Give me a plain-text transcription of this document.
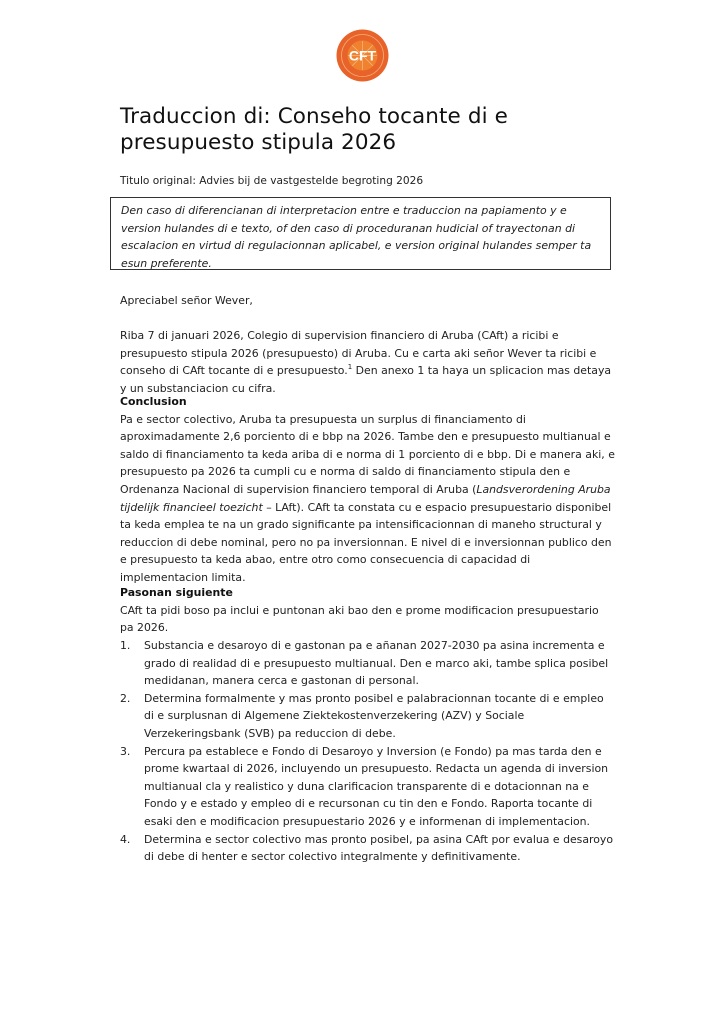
CFT
Traduccion di: Conseho tocante di e
presupuesto stipula 2026
Titulo original: Advies bij de vastgestelde begroting 2026
Den caso di diferencianan di interpretacion entre e traduccion na papiamento y e version hulandes di e texto, of den caso di proceduranan hudicial of trayectonan di escalacion en virtud di regulacionnan aplicabel, e version original hulandes semper ta esun preferente.

Apreciabel señor Wever,

Riba 7 di januari 2026, Colegio di supervision financiero di Aruba (CAft) a ricibi e presupuesto stipula 2026 (presupuesto) di Aruba. Cu e carta aki señor Wever ta ricibi e conseho di CAft tocante di e presupuesto.$^1$ Den anexo 1 ta haya un splicacion mas detaya y un substanciacion cu cifra.

Conclusion
Pa e sector colectivo, Aruba ta presupuesta un surplus di financiamento di aproximadamente 2,6 porciento di e bbp na 2026. Tambe den e presupuesto multianual e saldo di financiamento ta keda ariba di e norma di 1 porciento di e bbp. Di e manera aki, e presupuesto pa 2026 ta cumpli cu e norma di saldo di financiamento stipula den e Ordenanza Nacional di supervision financiero temporal di Aruba (Landsverordening Aruba tijdelijk financieel toezicht – LAft). CAft ta constata cu e espacio presupuestario disponibel ta keda emplea te na un grado significante pa intensificacionnan di maneho structural y reduccion di debe nominal, pero no pa inversionnan. E nivel di e inversionnan publico den e presupuesto ta keda abao, entre otro como consecuencia di capacidad di implementacion limita.
Pasonan siguiente
CAft ta pidi boso pa inclui e puntonan aki bao den e prome modificacion presupuestario pa 2026.
1. Substancia e desaroyo di e gastonan pa e añanan 2027-2030 pa asina incrementa e grado di realidad di e presupuesto multianual. Den e marco aki, tambe splica posibel medidanan, manera cerca e gastonan di personal.
2. Determina formalmente y mas pronto posibel e palabracionnan tocante di e empleo di e surplusnan di Algemene Ziektekostenverzekering (AZV) y Sociale Verzekeringsbank (SVB) pa reduccion di debe.
3. Percura pa establece e Fondo di Desaroyo y Inversion (e Fondo) pa mas tarda den e prome kwartaal di 2026, incluyendo un presupuesto. Redacta un agenda di inversion multianual cla y realistico y duna clarificacion transparente di e dotacionnan na e Fondo y e estado y empleo di e recursonan cu tin den e Fondo. Raporta tocante di esaki den e modificacion presupuestario 2026 y e informenan di implementacion.
4. Determina e sector colectivo mas pronto posibel, pa asina CAft por evalua e desaroyo di debe di henter e sector colectivo integralmente y definitivamente.
